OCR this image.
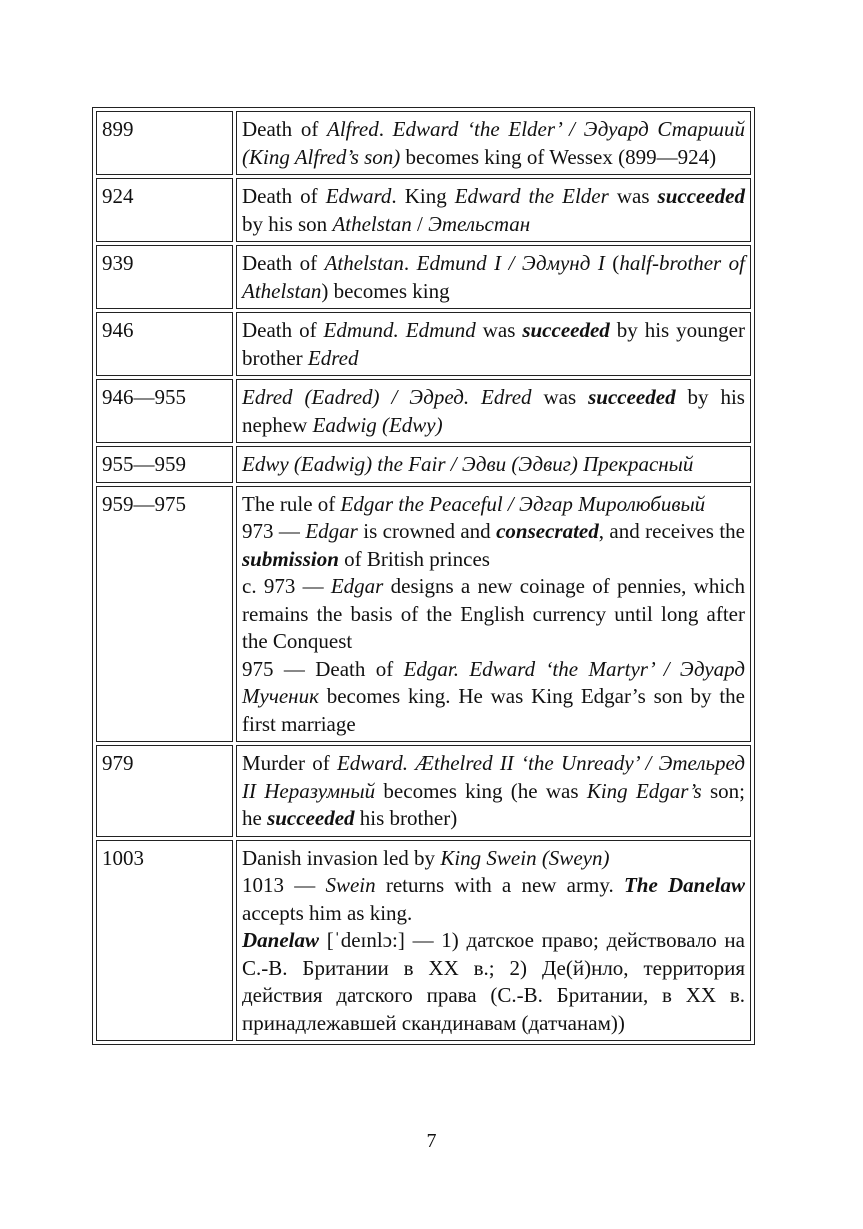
899	Death of Alfred. Edward ‘the Elder’ / Эдуард Старший (King Alfred’s son) becomes king of Wessex (899—924)

924	Death of Edward. King Edward the Elder was succeeded by his son Athelstan / Этельстан

939	Death of Athelstan. Edmund I / Эдмунд I (half-brother of Athelstan) becomes king

946	Death of Edmund. Edmund was succeeded by his younger brother Edred

946—955	Edred (Eadred) / Эдред. Edred was succeeded by his nephew Eadwig (Edwy)

955—959	Edwy (Eadwig) the Fair / Эдви (Эдвиг) Прекрасный

959—975	The rule of Edgar the Peaceful / Эдгар Миролюбивый
973 — Edgar is crowned and consecrated, and receives the submission of British princes
c. 973 — Edgar designs a new coinage of pennies, which remains the basis of the English currency until long after the Conquest
975 — Death of Edgar. Edward ‘the Martyr’ / Эдуард Мученик becomes king. He was King Edgar’s son by the first marriage

979	Murder of Edward. Æthelred II ‘the Unready’ / Этельред II Неразумный becomes king (he was King Edgar’s son; he succeeded his brother)

1003	Danish invasion led by King Swein (Sweyn)
1013 — Swein returns with a new army. The Danelaw accepts him as king.
Danelaw [ˈdeɪnlɔ:] — 1) датское право; действовало на С.-В. Британии в XX в.; 2) Де(й)нло, территория действия датского права (С.-В. Британии, в XX в. принадлежавшей скандинавам (датчанам))
7
